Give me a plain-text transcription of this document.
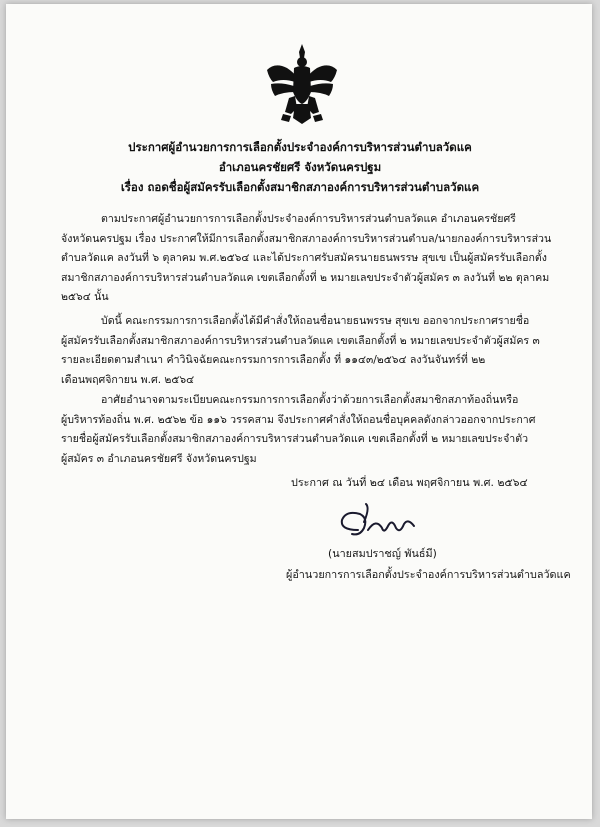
ประกาศผู้อำนวยการการเลือกตั้งประจำองค์การบริหารส่วนตำบลวัดแค
อำเภอนครชัยศรี จังหวัดนครปฐม
เรื่อง ถอดชื่อผู้สมัครรับเลือกตั้งสมาชิกสภาองค์การบริหารส่วนตำบลวัดแค

ตามประกาศผู้อำนวยการการเลือกตั้งประจำองค์การบริหารส่วนตำบลวัดแค อำเภอนครชัยศรี

จังหวัดนครปฐม เรื่อง ประกาศให้มีการเลือกตั้งสมาชิกสภาองค์การบริหารส่วนตำบล/นายกองค์การบริหารส่วน

ตำบลวัดแค ลงวันที่ ๖ ตุลาคม พ.ศ.๒๕๖๔ และได้ประกาศรับสมัครนายธนพรรษ สุขเข เป็นผู้สมัครรับเลือกตั้ง

สมาชิกสภาองค์การบริหารส่วนตำบลวัดแค เขตเลือกตั้งที่ ๒ หมายเลขประจำตัวผู้สมัคร ๓ ลงวันที่ ๒๒ ตุลาคม

๒๕๖๔ นั้น

บัดนี้ คณะกรรมการการเลือกตั้งได้มีคำสั่งให้ถอนชื่อนายธนพรรษ สุขเข ออกจากประกาศรายชื่อ

ผู้สมัครรับเลือกตั้งสมาชิกสภาองค์การบริหารส่วนตำบลวัดแค เขตเลือกตั้งที่ ๒ หมายเลขประจำตัวผู้สมัคร ๓

รายละเอียดตามสำเนา คำวินิจฉัยคณะกรรมการการเลือกตั้ง ที่ ๑๑๔๓/๒๕๖๔ ลงวันจันทร์ที่ ๒๒

เดือนพฤศจิกายน พ.ศ. ๒๕๖๔

อาศัยอำนาจตามระเบียบคณะกรรมการการเลือกตั้งว่าด้วยการเลือกตั้งสมาชิกสภาท้องถิ่นหรือ

ผู้บริหารท้องถิ่น พ.ศ. ๒๕๖๒ ข้อ ๑๑๖ วรรคสาม จึงประกาศคำสั่งให้ถอนชื่อบุคคลดังกล่าวออกจากประกาศ

รายชื่อผู้สมัครรับเลือกตั้งสมาชิกสภาองค์การบริหารส่วนตำบลวัดแค เขตเลือกตั้งที่ ๒ หมายเลขประจำตัว

ผู้สมัคร ๓ อำเภอนครชัยศรี จังหวัดนครปฐม

ประกาศ ณ วันที่ ๒๔ เดือน พฤศจิกายน พ.ศ. ๒๕๖๔
(นายสมปราชญ์ พันธ์มี)
ผู้อำนวยการการเลือกตั้งประจำองค์การบริหารส่วนตำบลวัดแค
